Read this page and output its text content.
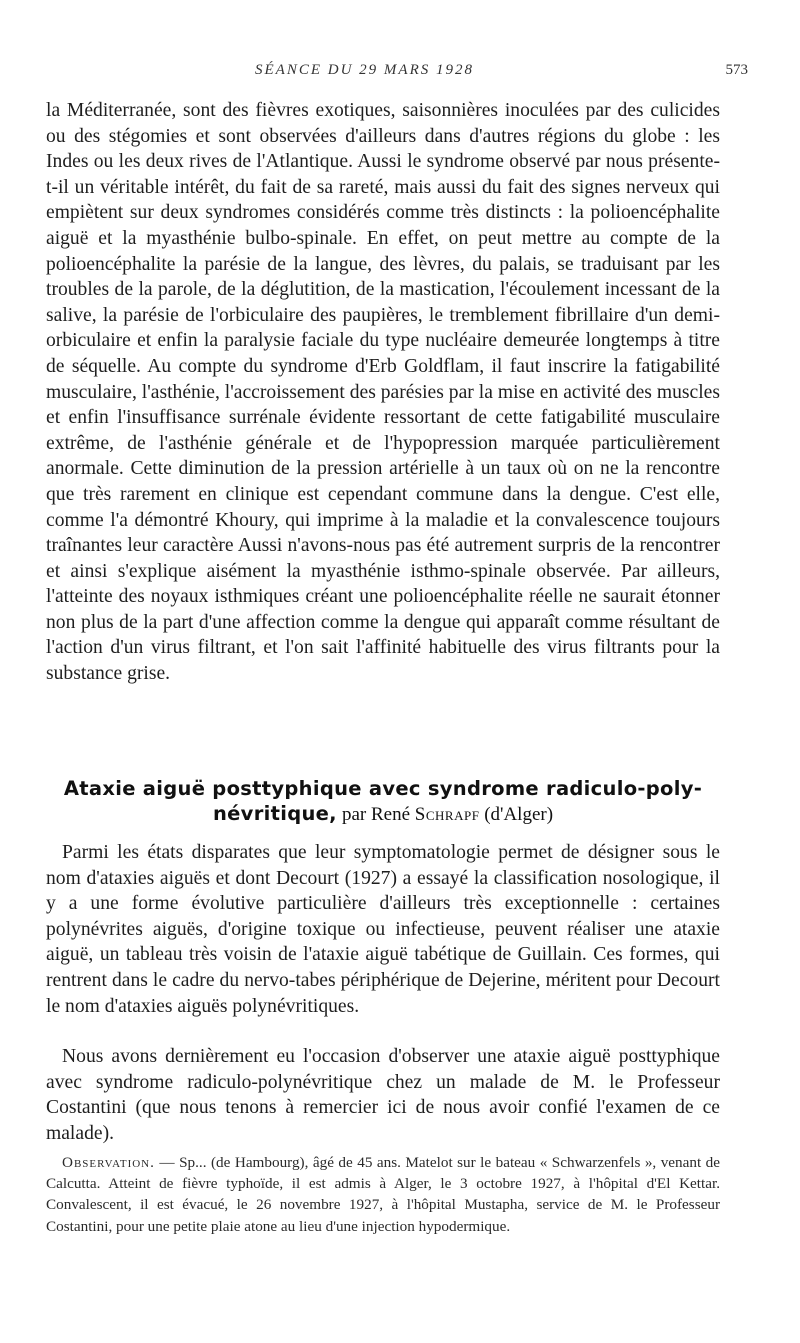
SÉANCE DU 29 MARS 1928	573

la Méditerranée, sont des fièvres exotiques, saisonnières inoculées par des culicides ou des stégomies et sont observées d'ailleurs dans d'autres régions du globe : les Indes ou les deux rives de l'Atlantique. Aussi le syndrome observé par nous présente-t-il un véritable intérêt, du fait de sa rareté, mais aussi du fait des signes nerveux qui empiètent sur deux syndromes considérés comme très distincts : la polioencéphalite aiguë et la myasthénie bulbo-spinale. En effet, on peut mettre au compte de la polioencéphalite la parésie de la langue, des lèvres, du palais, se traduisant par les troubles de la parole, de la déglutition, de la mastication, l'écoulement incessant de la salive, la parésie de l'orbiculaire des paupières, le tremblement fibrillaire d'un demi-orbiculaire et enfin la paralysie faciale du type nucléaire demeurée longtemps à titre de séquelle. Au compte du syndrome d'Erb Goldflam, il faut inscrire la fatigabilité musculaire, l'asthénie, l'accroissement des parésies par la mise en activité des muscles et enfin l'insuffisance surrénale évidente ressortant de cette fatigabilité musculaire extrême, de l'asthénie générale et de l'hypopression marquée particulièrement anormale. Cette diminution de la pression artérielle à un taux où on ne la rencontre que très rarement en clinique est cependant commune dans la dengue. C'est elle, comme l'a démontré Khoury, qui imprime à la maladie et la convalescence toujours traînantes leur caractère Aussi n'avons-nous pas été autrement surpris de la rencontrer et ainsi s'explique aisément la myasthénie isthmo-spinale observée. Par ailleurs, l'atteinte des noyaux isthmiques créant une polioencéphalite réelle ne saurait étonner non plus de la part d'une affection comme la dengue qui apparaît comme résultant de l'action d'un virus filtrant, et l'on sait l'affinité habituelle des virus filtrants pour la substance grise.

Ataxie aiguë posttyphique avec syndrome radiculo-poly-
névritique, par René Schrapf (d'Alger)

Parmi les états disparates que leur symptomatologie permet de désigner sous le nom d'ataxies aiguës et dont Decourt (1927) a essayé la classification nosologique, il y a une forme évolutive particulière d'ailleurs très exceptionnelle : certaines polynévrites aiguës, d'origine toxique ou infectieuse, peuvent réaliser une ataxie aiguë, un tableau très voisin de l'ataxie aiguë tabétique de Guillain. Ces formes, qui rentrent dans le cadre du nervo-tabes périphérique de Dejerine, méritent pour Decourt le nom d'ataxies aiguës polynévritiques.

Nous avons dernièrement eu l'occasion d'observer une ataxie aiguë posttyphique avec syndrome radiculo-polynévritique chez un malade de M. le Professeur Costantini (que nous tenons à remercier ici de nous avoir confié l'examen de ce malade).

Observation. — Sp... (de Hambourg), âgé de 45 ans. Matelot sur le bateau « Schwarzenfels », venant de Calcutta. Atteint de fièvre typhoïde, il est admis à Alger, le 3 octobre 1927, à l'hôpital d'El Kettar. Convalescent, il est évacué, le 26 novembre 1927, à l'hôpital Mustapha, service de M. le Professeur Costantini, pour une petite plaie atone au lieu d'une injection hypodermique.
